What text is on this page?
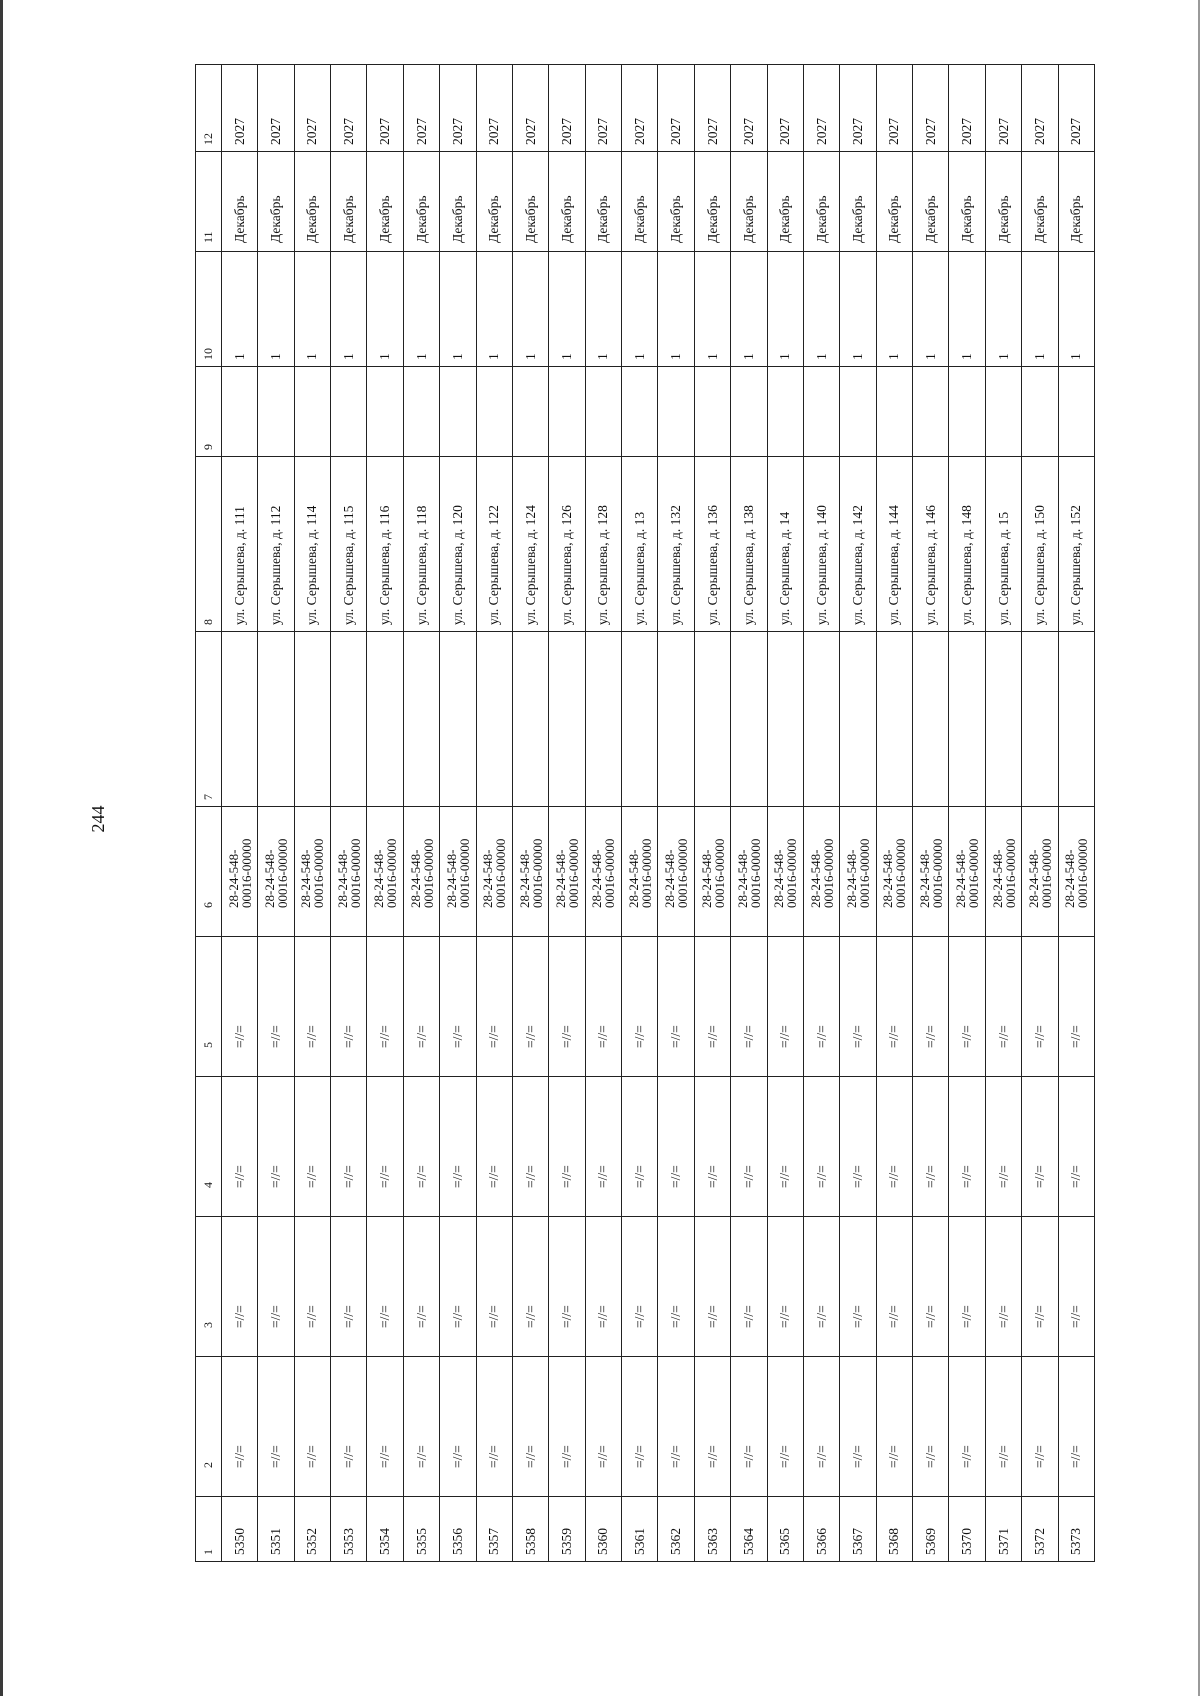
244
1	2	3	4	5	6	7	8	9	10	11	12
5350	=//=	=//=	=//=	=//=	28-24-548-
00016-00000		ул. Серышева, д. 111		1	Декабрь	2027
5351	=//=	=//=	=//=	=//=	28-24-548-
00016-00000		ул. Серышева, д. 112		1	Декабрь	2027
5352	=//=	=//=	=//=	=//=	28-24-548-
00016-00000		ул. Серышева, д. 114		1	Декабрь	2027
5353	=//=	=//=	=//=	=//=	28-24-548-
00016-00000		ул. Серышева, д. 115		1	Декабрь	2027
5354	=//=	=//=	=//=	=//=	28-24-548-
00016-00000		ул. Серышева, д. 116		1	Декабрь	2027
5355	=//=	=//=	=//=	=//=	28-24-548-
00016-00000		ул. Серышева, д. 118		1	Декабрь	2027
5356	=//=	=//=	=//=	=//=	28-24-548-
00016-00000		ул. Серышева, д. 120		1	Декабрь	2027
5357	=//=	=//=	=//=	=//=	28-24-548-
00016-00000		ул. Серышева, д. 122		1	Декабрь	2027
5358	=//=	=//=	=//=	=//=	28-24-548-
00016-00000		ул. Серышева, д. 124		1	Декабрь	2027
5359	=//=	=//=	=//=	=//=	28-24-548-
00016-00000		ул. Серышева, д. 126		1	Декабрь	2027
5360	=//=	=//=	=//=	=//=	28-24-548-
00016-00000		ул. Серышева, д. 128		1	Декабрь	2027
5361	=//=	=//=	=//=	=//=	28-24-548-
00016-00000		ул. Серышева, д. 13		1	Декабрь	2027
5362	=//=	=//=	=//=	=//=	28-24-548-
00016-00000		ул. Серышева, д. 132		1	Декабрь	2027
5363	=//=	=//=	=//=	=//=	28-24-548-
00016-00000		ул. Серышева, д. 136		1	Декабрь	2027
5364	=//=	=//=	=//=	=//=	28-24-548-
00016-00000		ул. Серышева, д. 138		1	Декабрь	2027
5365	=//=	=//=	=//=	=//=	28-24-548-
00016-00000		ул. Серышева, д. 14		1	Декабрь	2027
5366	=//=	=//=	=//=	=//=	28-24-548-
00016-00000		ул. Серышева, д. 140		1	Декабрь	2027
5367	=//=	=//=	=//=	=//=	28-24-548-
00016-00000		ул. Серышева, д. 142		1	Декабрь	2027
5368	=//=	=//=	=//=	=//=	28-24-548-
00016-00000		ул. Серышева, д. 144		1	Декабрь	2027
5369	=//=	=//=	=//=	=//=	28-24-548-
00016-00000		ул. Серышева, д. 146		1	Декабрь	2027
5370	=//=	=//=	=//=	=//=	28-24-548-
00016-00000		ул. Серышева, д. 148		1	Декабрь	2027
5371	=//=	=//=	=//=	=//=	28-24-548-
00016-00000		ул. Серышева, д. 15		1	Декабрь	2027
5372	=//=	=//=	=//=	=//=	28-24-548-
00016-00000		ул. Серышева, д. 150		1	Декабрь	2027
5373	=//=	=//=	=//=	=//=	28-24-548-
00016-00000		ул. Серышева, д. 152		1	Декабрь	2027
